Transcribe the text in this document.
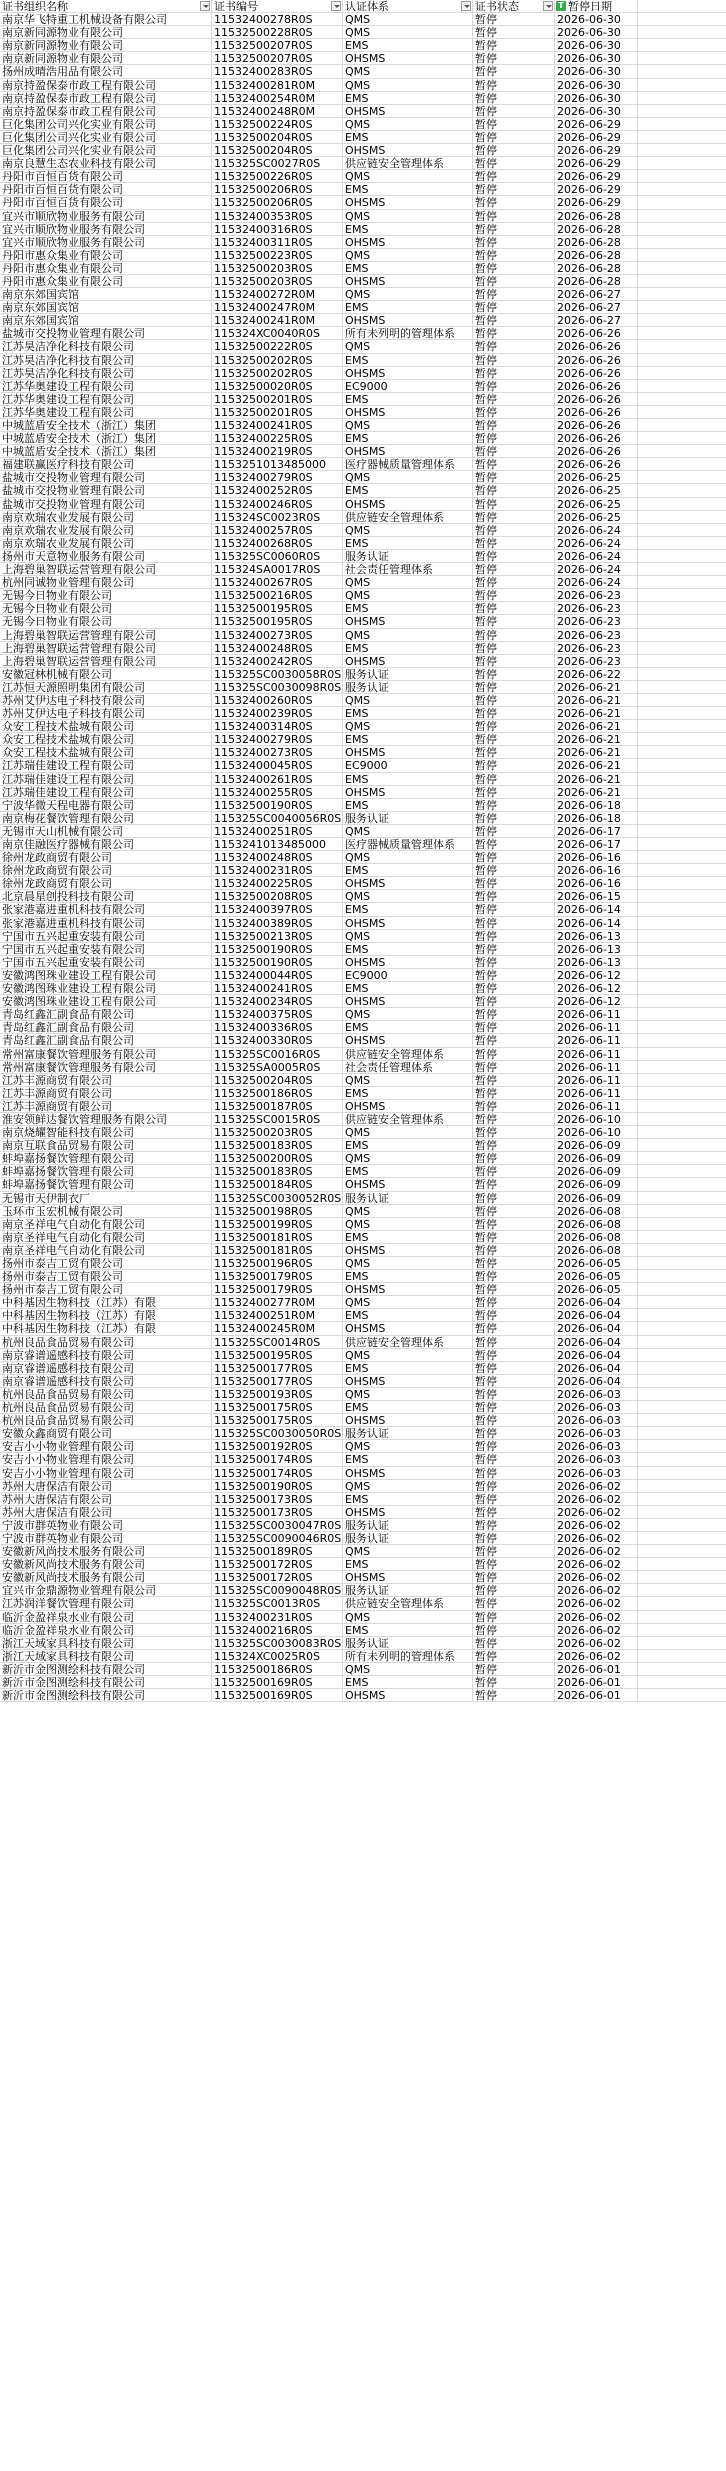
证书组织名称	证书编号	认证体系	证书状态	T 暂停日期
南京华飞特重工机械设备有限公司	11532400278R0S	QMS	暂停	2026-06-30
南京新同源物业有限公司	11532500228R0S	QMS	暂停	2026-06-30
南京新同源物业有限公司	11532500207R0S	EMS	暂停	2026-06-30
南京新同源物业有限公司	11532500207R0S	OHSMS	暂停	2026-06-30
扬州成晴浩用品有限公司	11532400283R0S	QMS	暂停	2026-06-30
南京持盈保泰市政工程有限公司	11532400281R0M	QMS	暂停	2026-06-30
南京持盈保泰市政工程有限公司	11532400254R0M	EMS	暂停	2026-06-30
南京持盈保泰市政工程有限公司	11532400248R0M	OHSMS	暂停	2026-06-30
巨化集团公司兴化实业有限公司	11532500224R0S	QMS	暂停	2026-06-29
巨化集团公司兴化实业有限公司	11532500204R0S	EMS	暂停	2026-06-29
巨化集团公司兴化实业有限公司	11532500204R0S	OHSMS	暂停	2026-06-29
南京良慧生态农业科技有限公司	115325SC0027R0S	供应链安全管理体系	暂停	2026-06-29
丹阳市百恒百货有限公司	11532500226R0S	QMS	暂停	2026-06-29
丹阳市百恒百货有限公司	11532500206R0S	EMS	暂停	2026-06-29
丹阳市百恒百货有限公司	11532500206R0S	OHSMS	暂停	2026-06-29
宜兴市顺欣物业服务有限公司	11532400353R0S	QMS	暂停	2026-06-28
宜兴市顺欣物业服务有限公司	11532400316R0S	EMS	暂停	2026-06-28
宜兴市顺欣物业服务有限公司	11532400311R0S	OHSMS	暂停	2026-06-28
丹阳市惠众集业有限公司	11532500223R0S	QMS	暂停	2026-06-28
丹阳市惠众集业有限公司	11532500203R0S	EMS	暂停	2026-06-28
丹阳市惠众集业有限公司	11532500203R0S	OHSMS	暂停	2026-06-28
南京东郊国宾馆	11532400272R0M	QMS	暂停	2026-06-27
南京东郊国宾馆	11532400247R0M	EMS	暂停	2026-06-27
南京东郊国宾馆	11532400241R0M	OHSMS	暂停	2026-06-27
盐城市交投物业管理有限公司	115324XC0040R0S	所有未列明的管理体系	暂停	2026-06-26
江苏昊洁净化科技有限公司	11532500222R0S	QMS	暂停	2026-06-26
江苏昊洁净化科技有限公司	11532500202R0S	EMS	暂停	2026-06-26
江苏昊洁净化科技有限公司	11532500202R0S	OHSMS	暂停	2026-06-26
江苏华奥建设工程有限公司	11532500020R0S	EC9000	暂停	2026-06-26
江苏华奥建设工程有限公司	11532500201R0S	EMS	暂停	2026-06-26
江苏华奥建设工程有限公司	11532500201R0S	OHSMS	暂停	2026-06-26
中城蓝盾安全技术（浙江）集团	11532400241R0S	QMS	暂停	2026-06-26
中城蓝盾安全技术（浙江）集团	11532400225R0S	EMS	暂停	2026-06-26
中城蓝盾安全技术（浙江）集团	11532400219R0S	OHSMS	暂停	2026-06-26
福建联赢医疗科技有限公司	1153251013485000	医疗器械质量管理体系	暂停	2026-06-26
盐城市交投物业管理有限公司	11532400279R0S	QMS	暂停	2026-06-25
盐城市交投物业管理有限公司	11532400252R0S	EMS	暂停	2026-06-25
盐城市交投物业管理有限公司	11532400246R0S	OHSMS	暂停	2026-06-25
南京欢瑞农业发展有限公司	115324SC0023R0S	供应链安全管理体系	暂停	2026-06-25
南京欢瑞农业发展有限公司	11532400257R0S	QMS	暂停	2026-06-24
南京欢瑞农业发展有限公司	11532400268R0S	EMS	暂停	2026-06-24
扬州市天意物业服务有限公司	115325SC0060R0S	服务认证	暂停	2026-06-24
上海碧巢智联运营管理有限公司	115324SA0017R0S	社会责任管理体系	暂停	2026-06-24
杭州同诚物业管理有限公司	11532400267R0S	QMS	暂停	2026-06-24
无锡今日物业有限公司	11532500216R0S	QMS	暂停	2026-06-23
无锡今日物业有限公司	11532500195R0S	EMS	暂停	2026-06-23
无锡今日物业有限公司	11532500195R0S	OHSMS	暂停	2026-06-23
上海碧巢智联运营管理有限公司	11532400273R0S	QMS	暂停	2026-06-23
上海碧巢智联运营管理有限公司	11532400248R0S	EMS	暂停	2026-06-23
上海碧巢智联运营管理有限公司	11532400242R0S	OHSMS	暂停	2026-06-23
安徽冠林机械有限公司	115325SC0030058R0S 服务认证	暂停	2026-06-22
江苏恒天源照明集团有限公司	115325SC0030098R0S 服务认证	暂停	2026-06-21
苏州艾伊达电子科技有限公司	11532400260R0S	QMS	暂停	2026-06-21
苏州艾伊达电子科技有限公司	11532400239R0S	EMS	暂停	2026-06-21
众安工程技术盐城有限公司	11532400314R0S	QMS	暂停	2026-06-21
众安工程技术盐城有限公司	11532400279R0S	EMS	暂停	2026-06-21
众安工程技术盐城有限公司	11532400273R0S	OHSMS	暂停	2026-06-21
江苏瑞佳建设工程有限公司	11532400045R0S	EC9000	暂停	2026-06-21
江苏瑞佳建设工程有限公司	11532400261R0S	EMS	暂停	2026-06-21
江苏瑞佳建设工程有限公司	11532400255R0S	OHSMS	暂停	2026-06-21
宁波华微天程电器有限公司	11532500190R0S	EMS	暂停	2026-06-18
南京梅花餐饮管理有限公司	115325SC0040056R0S 服务认证	暂停	2026-06-18
无锡市天山机械有限公司	11532400251R0S	QMS	暂停	2026-06-17
南京佳融医疗器械有限公司	1153241013485000	医疗器械质量管理体系	暂停	2026-06-17
徐州龙政商贸有限公司	11532400248R0S	QMS	暂停	2026-06-16
徐州龙政商贸有限公司	11532400231R0S	EMS	暂停	2026-06-16
徐州龙政商贸有限公司	11532400225R0S	OHSMS	暂停	2026-06-16
北京晨星创投科技有限公司	11532500208R0S	QMS	暂停	2026-06-15
张家港嘉进重机科技有限公司	11532400397R0S	EMS	暂停	2026-06-14
张家港嘉进重机科技有限公司	11532400389R0S	OHSMS	暂停	2026-06-14
宁国市五兴起重安装有限公司	11532500213R0S	QMS	暂停	2026-06-13
宁国市五兴起重安装有限公司	11532500190R0S	EMS	暂停	2026-06-13
宁国市五兴起重安装有限公司	11532500190R0S	OHSMS	暂停	2026-06-13
安徽鸿图珠业建设工程有限公司	11532400044R0S	EC9000	暂停	2026-06-12
安徽鸿图珠业建设工程有限公司	11532400241R0S	EMS	暂停	2026-06-12
安徽鸿图珠业建设工程有限公司	11532400234R0S	OHSMS	暂停	2026-06-12
青岛红鑫汇副食品有限公司	11532400375R0S	QMS	暂停	2026-06-11
青岛红鑫汇副食品有限公司	11532400336R0S	EMS	暂停	2026-06-11
青岛红鑫汇副食品有限公司	11532400330R0S	OHSMS	暂停	2026-06-11
常州富康餐饮管理服务有限公司	115325SC0016R0S	供应链安全管理体系	暂停	2026-06-11
常州富康餐饮管理服务有限公司	115325SA0005R0S	社会责任管理体系	暂停	2026-06-11
江苏丰源商贸有限公司	11532500204R0S	QMS	暂停	2026-06-11
江苏丰源商贸有限公司	11532500186R0S	EMS	暂停	2026-06-11
江苏丰源商贸有限公司	11532500187R0S	OHSMS	暂停	2026-06-11
淮安领鲜达餐饮管理服务有限公司	115325SC0015R0S	供应链安全管理体系	暂停	2026-06-10
南京烧耀智能科技有限公司	11532500203R0S	QMS	暂停	2026-06-10
南京互联食品贸易有限公司	11532500183R0S	EMS	暂停	2026-06-09
蚌埠嘉扬餐饮管理有限公司	11532500200R0S	QMS	暂停	2026-06-09
蚌埠嘉扬餐饮管理有限公司	11532500183R0S	EMS	暂停	2026-06-09
蚌埠嘉扬餐饮管理有限公司	11532500184R0S	OHSMS	暂停	2026-06-09
无锡市天伊制衣厂	115325SC0030052R0S 服务认证	暂停	2026-06-09
玉环市玉宏机械有限公司	11532500198R0S	QMS	暂停	2026-06-08
南京圣祥电气自动化有限公司	11532500199R0S	QMS	暂停	2026-06-08
南京圣祥电气自动化有限公司	11532500181R0S	EMS	暂停	2026-06-08
南京圣祥电气自动化有限公司	11532500181R0S	OHSMS	暂停	2026-06-08
扬州市泰吉工贸有限公司	11532500196R0S	QMS	暂停	2026-06-05
扬州市泰吉工贸有限公司	11532500179R0S	EMS	暂停	2026-06-05
扬州市泰吉工贸有限公司	11532500179R0S	OHSMS	暂停	2026-06-05
中科基因生物科技（江苏）有限	11532400277R0M	QMS	暂停	2026-06-04
中科基因生物科技（江苏）有限	11532400251R0M	EMS	暂停	2026-06-04
中科基因生物科技（江苏）有限	11532400245R0M	OHSMS	暂停	2026-06-04
杭州良品食品贸易有限公司	115325SC0014R0S	供应链安全管理体系	暂停	2026-06-04
南京睿谱遥感科技有限公司	11532500195R0S	QMS	暂停	2026-06-04
南京睿谱遥感科技有限公司	11532500177R0S	EMS	暂停	2026-06-04
南京睿谱遥感科技有限公司	11532500177R0S	OHSMS	暂停	2026-06-04
杭州良品食品贸易有限公司	11532500193R0S	QMS	暂停	2026-06-03
杭州良品食品贸易有限公司	11532500175R0S	EMS	暂停	2026-06-03
杭州良品食品贸易有限公司	11532500175R0S	OHSMS	暂停	2026-06-03
安徽众鑫商贸有限公司	115325SC0030050R0S 服务认证	暂停	2026-06-03
安吉小小物业管理有限公司	11532500192R0S	QMS	暂停	2026-06-03
安吉小小物业管理有限公司	11532500174R0S	EMS	暂停	2026-06-03
安吉小小物业管理有限公司	11532500174R0S	OHSMS	暂停	2026-06-03
苏州大唐保洁有限公司	11532500190R0S	QMS	暂停	2026-06-02
苏州大唐保洁有限公司	11532500173R0S	EMS	暂停	2026-06-02
苏州大唐保洁有限公司	11532500173R0S	OHSMS	暂停	2026-06-02
宁波市群英物业有限公司	115325SC0030047R0S 服务认证	暂停	2026-06-02
宁波市群英物业有限公司	115325SC0090046R0S 服务认证	暂停	2026-06-02
安徽新风尚技术服务有限公司	11532500189R0S	QMS	暂停	2026-06-02
安徽新风尚技术服务有限公司	11532500172R0S	EMS	暂停	2026-06-02
安徽新风尚技术服务有限公司	11532500172R0S	OHSMS	暂停	2026-06-02
宜兴市金鼎源物业管理有限公司	115325SC0090048R0S 服务认证	暂停	2026-06-02
江苏润洋餐饮管理有限公司	115325SC0013R0S	供应链安全管理体系	暂停	2026-06-02
临沂金盈祥泉水业有限公司	11532400231R0S	QMS	暂停	2026-06-02
临沂金盈祥泉水业有限公司	11532400216R0S	EMS	暂停	2026-06-02
浙江天域家具科技有限公司	115325SC0030083R0S 服务认证	暂停	2026-06-02
浙江天域家具科技有限公司	115324XC0025R0S	所有未列明的管理体系	暂停	2026-06-02
新沂市金图测绘科技有限公司	11532500186R0S	QMS	暂停	2026-06-01
新沂市金图测绘科技有限公司	11532500169R0S	EMS	暂停	2026-06-01
新沂市金图测绘科技有限公司	11532500169R0S	OHSMS	暂停	2026-06-01
